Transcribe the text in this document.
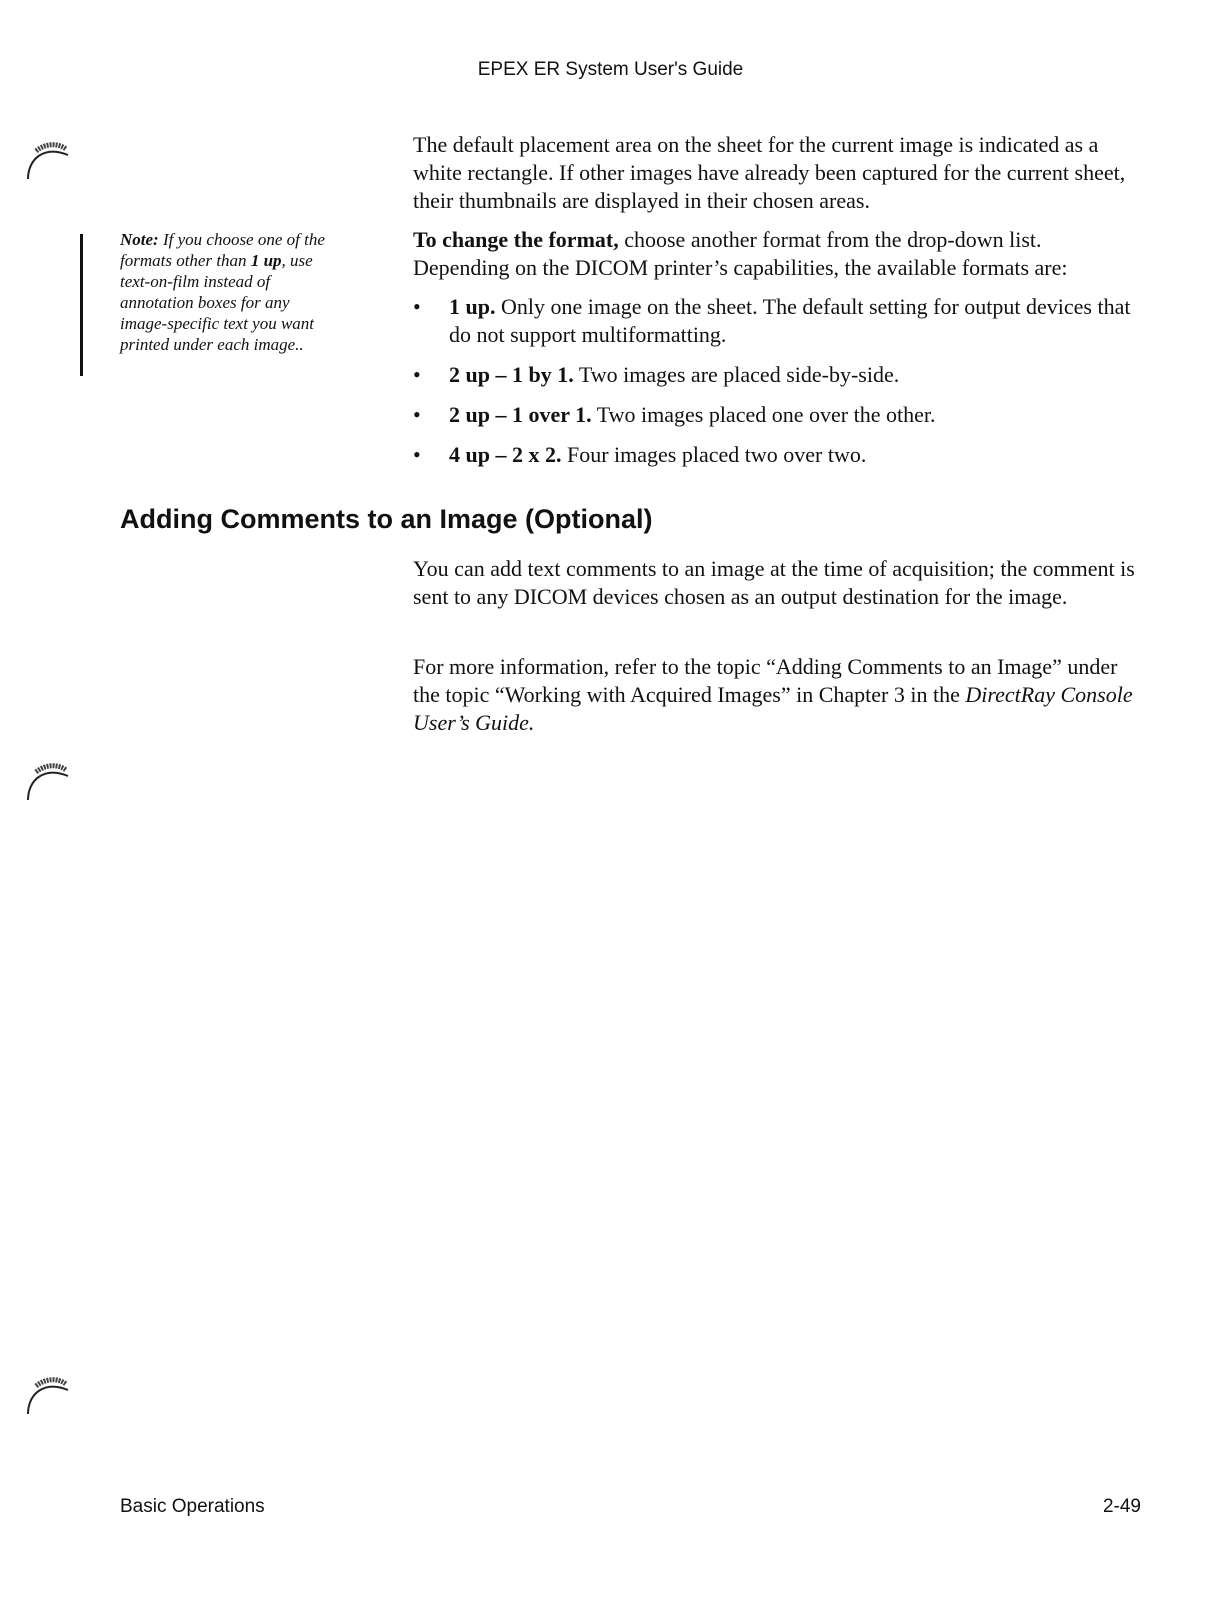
EPEX ER System User's Guide
Note: If you choose one of the
formats other than 1 up, use
text-on-film instead of
annotation boxes for any
image-specific text you want
printed under each image..

The default placement area on the sheet for the current image is indicated as a white rectangle. If other images have already been captured for the current sheet, their thumbnails are displayed in their chosen areas.

To change the format, choose another format from the drop-down list. Depending on the DICOM printer’s capabilities, the available formats are:

• 1 up. Only one image on the sheet. The default setting for output devices that do not support multiformatting.
• 2 up – 1 by 1. Two images are placed side-by-side.
• 2 up – 1 over 1. Two images placed one over the other.
• 4 up – 2 x 2. Four images placed two over two.
Adding Comments to an Image (Optional)

You can add text comments to an image at the time of acquisition; the comment is sent to any DICOM devices chosen as an output destination for the image.

For more information, refer to the topic “Adding Comments to an Image” under the topic “Working with Acquired Images” in Chapter 3 in the DirectRay Console User’s Guide.

Basic Operations	2-49
